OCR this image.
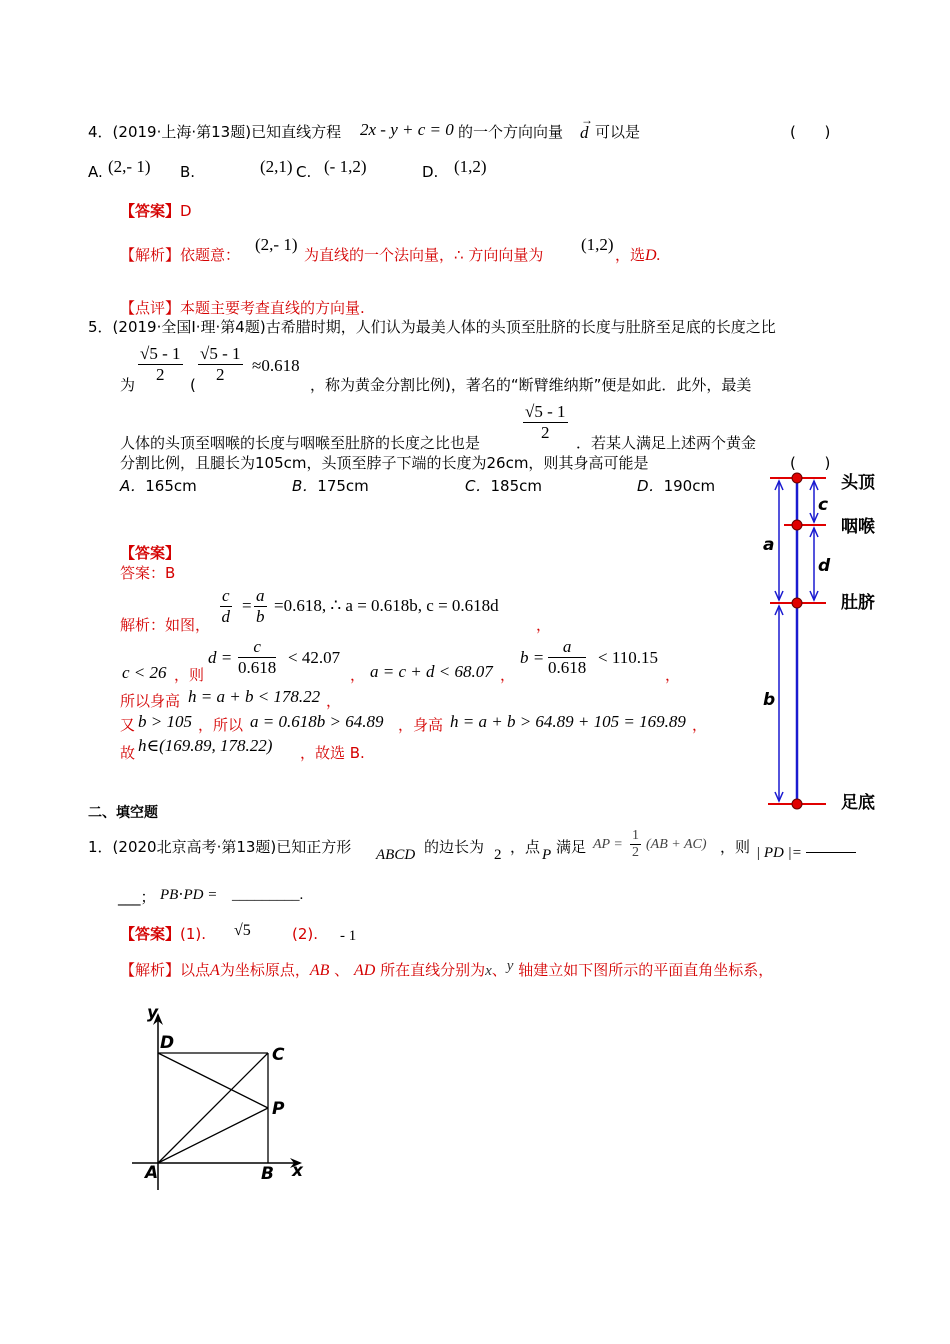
4．(2019·上海·第13题)已知直线方程 2x - y + c = 0 的一个方向向量
→
d 可以是	(      )
A. (2,- 1) B.	(2,1) C. (- 1,2)	D. (1,2)
【答案】D
【解析】依题意：
(2,- 1)
为直线的一个法向量，∴ 方向向量为
(1,2)
，选D.
【点评】本题主要考查直线的方向量.
5．(2019·全国Ⅰ·理·第4题)古希腊时期，人们认为最美人体的头顶至肚脐的长度与肚脐至足底的长度之比
$\frac{√5 - 1}{2}$
为	( $\frac{√5 - 1}{2} \approx 0.618$
，称为黄金分割比例)，著名的“断臂维纳斯”便是如此．此外，最美
$\frac{√5 - 1}{2}$
人体的头顶至咽喉的长度与咽喉至肚脐的长度之比也是	．若某人满足上述两个黄金
分割比例，且腿长为105cm，头顶至脖子下端的长度为26cm，则其身高可能是	(      )
A．165cm	B．175cm	C．185cm	D．190cm
【答案】
答案：B
解析：如图， $\frac{c}{d} = \frac{a}{b} =0.618$, ∴ a = 0.618b, c = 0.618d
，
c < 26 ，则
$d = \frac{c}{0.618} < 42.07$
， a = c + d < 68.07 ，
$b = \frac{a}{0.618} < 110.15$
，
所以身高 h = a + b < 178.22 ，
又 b > 105 ，所以 a = 0.618b > 64.89 ，身高 h = a + b > 64.89 + 105 = 169.89 ，
故 h∈(169.89, 178.22) ，故选 B.
a
b
c
d
头顶
咽喉
肚脐
足底
二、填空题
1．(2020北京高考·第13题)已知正方形 ABCD 的边长为 2 ，点 P 满足 AP = $\frac{1}{2} (AB + AC)$ ，则 | PD |=
___； PB⋅PD = _________.
【答案】(1). √5	(2). - 1
【解析】以点A为坐标原点，AB 、 AD 所在直线分别为x、y 轴建立如下图所示的平面直角坐标系，
y
D
C
P
A	B x
